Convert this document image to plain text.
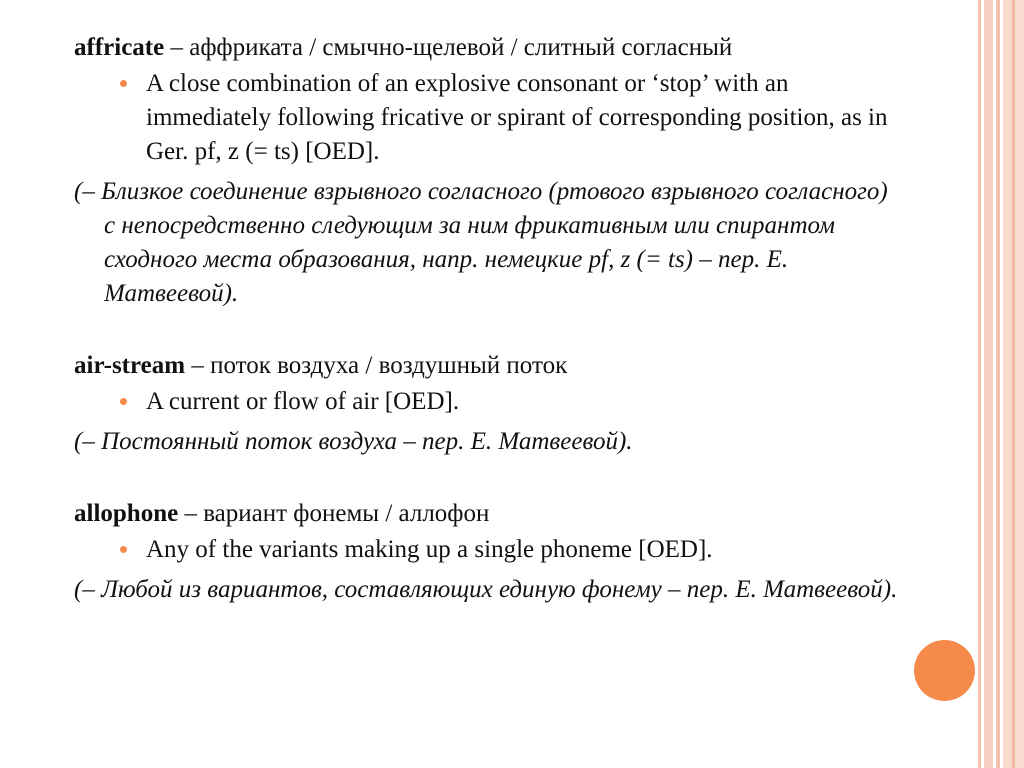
affricate – аффриката / смычно-щелевой / слитный согласный

A close combination of an explosive consonant or ‘stop’ with an immediately following fricative or spirant of corresponding position, as in Ger. pf, z (= ts) [OED].

(– Близкое соединение взрывного согласного (ртового взрывного согласного) с непосредственно следующим за ним фрикативным или спирантом сходного места образования, напр. немецкие pf, z (= ts) – пер. Е. Матвеевой).

air-stream – поток воздуха / воздушный поток

A current or flow of air [OED].

(– Постоянный поток воздуха – пер. Е. Матвеевой).

allophone – вариант фонемы / аллофон

Any of the variants making up a single phoneme [OED].

(– Любой из вариантов, составляющих единую фонему – пер. Е. Матвеевой).
